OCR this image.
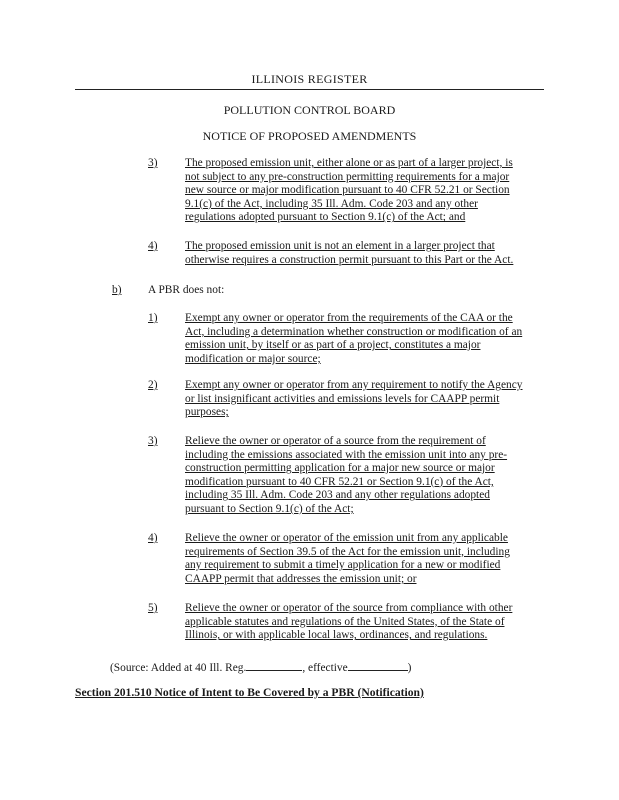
ILLINOIS REGISTER
POLLUTION CONTROL BOARD
NOTICE OF PROPOSED AMENDMENTS
3) The proposed emission unit, either alone or as part of a larger project, is
not subject to any pre-construction permitting requirements for a major
new source or major modification pursuant to 40 CFR 52.21 or Section
9.1(c) of the Act, including 35 Ill. Adm. Code 203 and any other
regulations adopted pursuant to Section 9.1(c) of the Act; and
4) The proposed emission unit is not an element in a larger project that
otherwise requires a construction permit pursuant to this Part or the Act.
1) Exempt any owner or operator from the requirements of the CAA or the
Act, including a determination whether construction or modification of an
emission unit, by itself or as part of a project, constitutes a major
modification or major source;
2) Exempt any owner or operator from any requirement to notify the Agency
or list insignificant activities and emissions levels for CAAPP permit
purposes;
3) Relieve the owner or operator of a source from the requirement of
including the emissions associated with the emission unit into any pre-
construction permitting application for a major new source or major
modification pursuant to 40 CFR 52.21 or Section 9.1(c) of the Act,
including 35 Ill. Adm. Code 203 and any other regulations adopted
pursuant to Section 9.1(c) of the Act;
4) Relieve the owner or operator of the emission unit from any applicable
requirements of Section 39.5 of the Act for the emission unit, including
any requirement to submit a timely application for a new or modified
CAAPP permit that addresses the emission unit; or
5) Relieve the owner or operator of the source from compliance with other
applicable statutes and regulations of the United States, of the State of
Illinois, or with applicable local laws, ordinances, and regulations.
b) A PBR does not:
(Source: Added at 40 Ill. Reg.	, effective	)
Section 201.510 Notice of Intent to Be Covered by a PBR (Notification)
